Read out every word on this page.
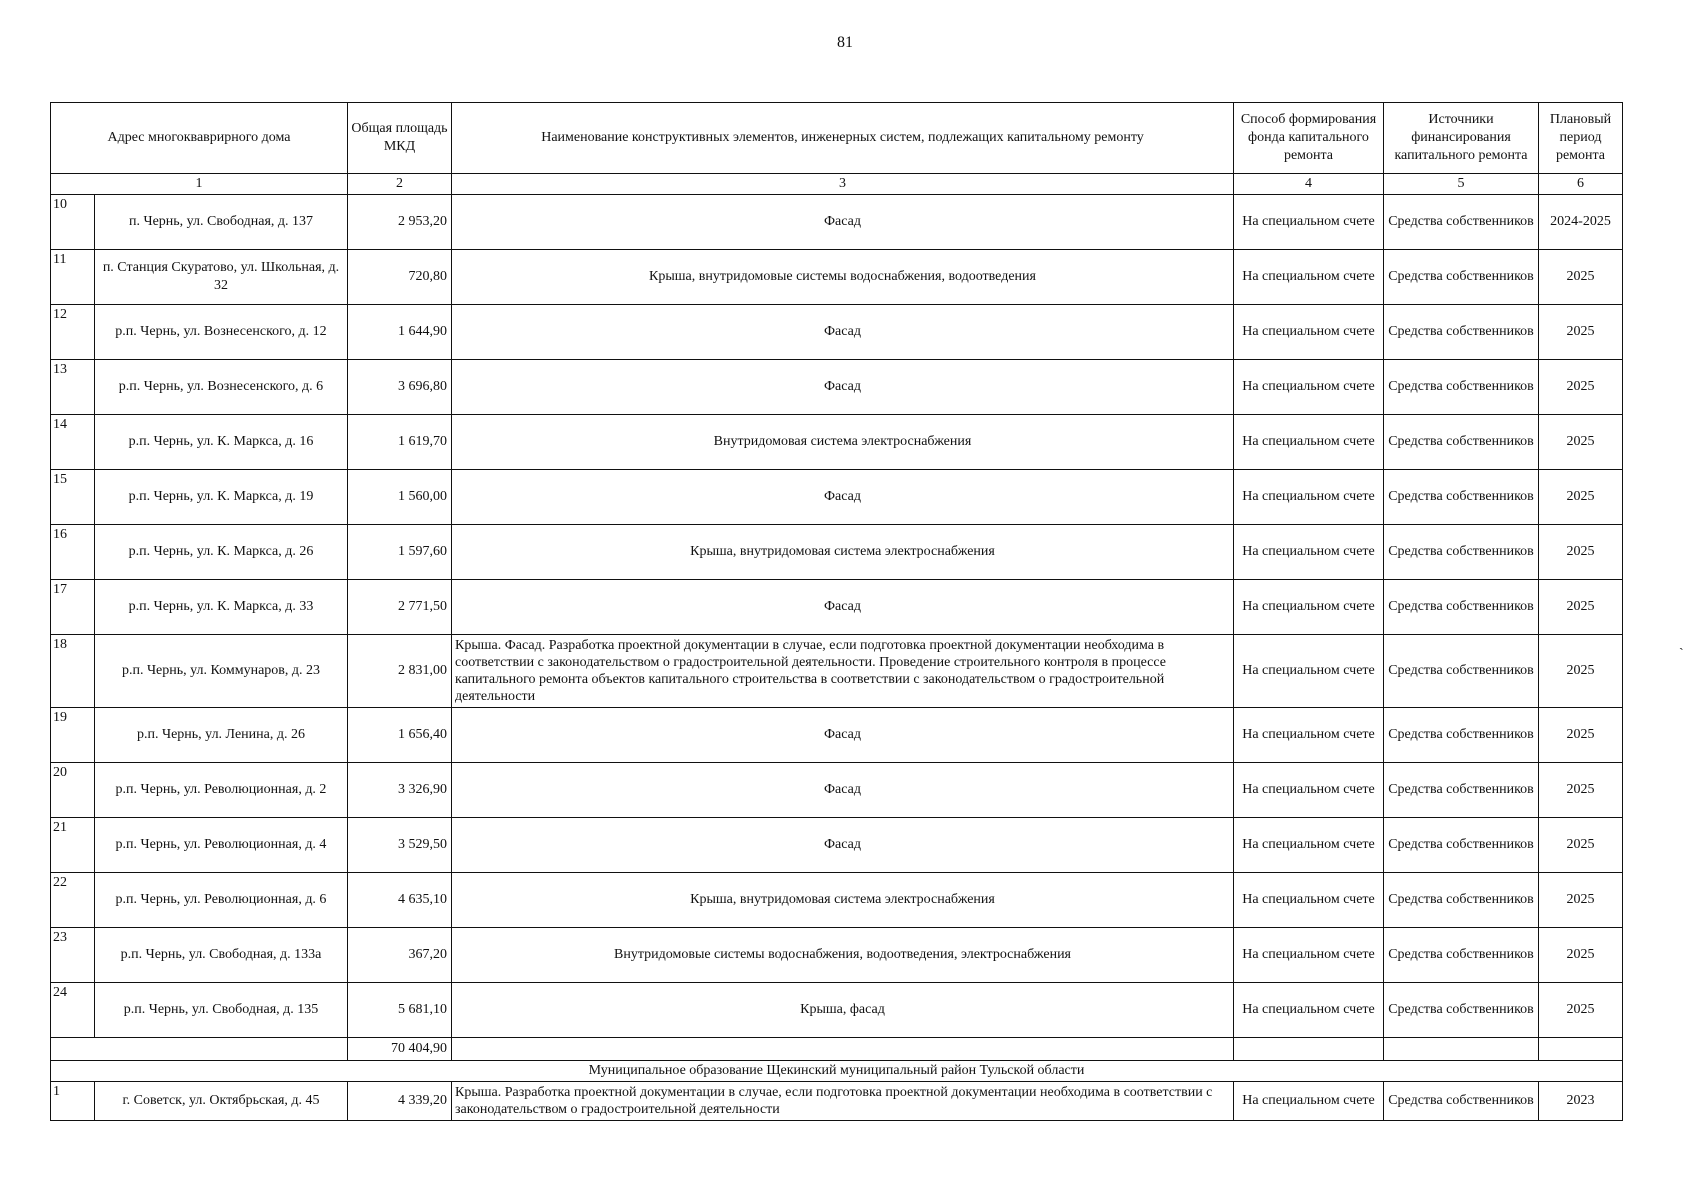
81
Адрес многокваврирного дома		Общая площадь МКД	Наименование конструктивных элементов, инженерных систем, подлежащих капитальному ремонту	Способ формирования фонда капитального ремонта	Источники финансирования капитального ремонта	Плановый период ремонта
1		2	3	4	5	6
10	п. Чернь, ул. Свободная, д. 137	2 953,20	Фасад	На специальном счете	Средства собственников	2024-2025
11	п. Станция Скуратово, ул. Школьная, д. 32	720,80	Крыша, внутридомовые системы водоснабжения, водоотведения	На специальном счете	Средства собственников	2025
12	р.п. Чернь, ул. Вознесенского, д. 12	1 644,90	Фасад	На специальном счете	Средства собственников	2025
13	р.п. Чернь, ул. Вознесенского, д. 6	3 696,80	Фасад	На специальном счете	Средства собственников	2025
14	р.п. Чернь, ул. К. Маркса, д. 16	1 619,70	Внутридомовая система электроснабжения	На специальном счете	Средства собственников	2025
15	р.п. Чернь, ул. К. Маркса, д. 19	1 560,00	Фасад	На специальном счете	Средства собственников	2025
16	р.п. Чернь, ул. К. Маркса, д. 26	1 597,60	Крыша, внутридомовая система электроснабжения	На специальном счете	Средства собственников	2025
17	р.п. Чернь, ул. К. Маркса, д. 33	2 771,50	Фасад	На специальном счете	Средства собственников	2025
18	р.п. Чернь, ул. Коммунаров, д. 23	2 831,00	Крыша. Фасад. Разработка проектной документации в случае, если подготовка проектной документации необходима в соответствии с законодательством о градостроительной деятельности. Проведение строительного контроля в процессе капитального ремонта объектов капитального строительства в соответствии с законодательством о градостроительной деятельности	На специальном счете	Средства собственников	2025
19	р.п. Чернь, ул. Ленина, д. 26	1 656,40	Фасад	На специальном счете	Средства собственников	2025
20	р.п. Чернь, ул. Революционная, д. 2	3 326,90	Фасад	На специальном счете	Средства собственников	2025
21	р.п. Чернь, ул. Революционная, д. 4	3 529,50	Фасад	На специальном счете	Средства собственников	2025
22	р.п. Чернь, ул. Революционная, д. 6	4 635,10	Крыша, внутридомовая система электроснабжения	На специальном счете	Средства собственников	2025
23	р.п. Чернь, ул. Свободная, д. 133а	367,20	Внутридомовые системы водоснабжения, водоотведения, электроснабжения	На специальном счете	Средства собственников	2025
24	р.п. Чернь, ул. Свободная, д. 135	5 681,10	Крыша, фасад	На специальном счете	Средства собственников	2025
		70 404,90				
Муниципальное образование Щекинский муниципальный район Тульской области						
1	г. Советск, ул. Октябрьская, д. 45	4 339,20	Крыша. Разработка проектной документации в случае, если подготовка проектной документации необходима в соответствии с законодательством о градостроительной деятельности	На специальном счете	Средства собственников	2023
ˏ
